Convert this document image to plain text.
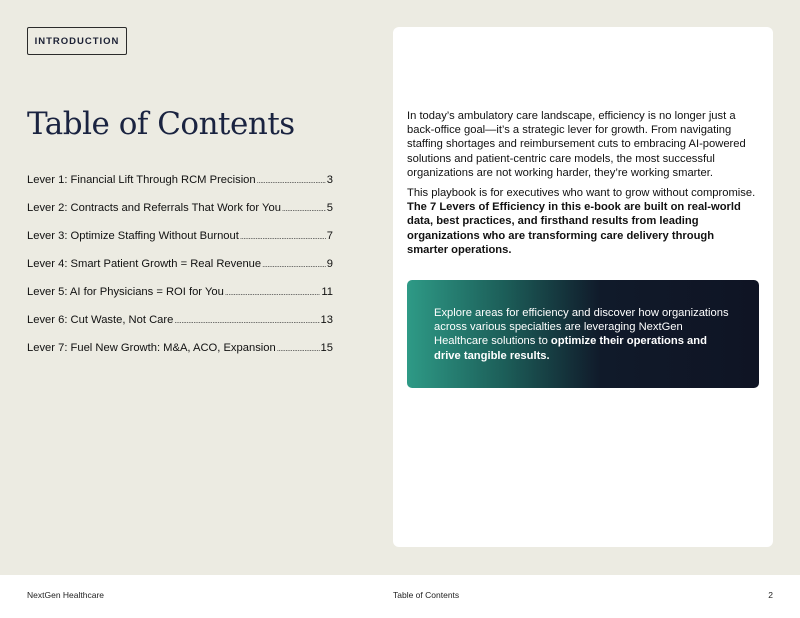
INTRODUCTION
Table of Contents
Lever 1: Financial Lift Through RCM Precision .....	3
Lever 2: Contracts and Referrals That Work for You .....	5
Lever 3: Optimize Staffing Without Burnout .....	7
Lever 4: Smart Patient Growth = Real Revenue .....	9
Lever 5: AI for Physicians = ROI for You .....	11
Lever 6: Cut Waste, Not Care .....	13
Lever 7: Fuel New Growth: M&A, ACO, Expansion .....	15

In today’s ambulatory care landscape, efficiency is no longer just a back-office goal—it’s a strategic lever for growth. From navigating staffing shortages and reimbursement cuts to embracing AI-powered solutions and patient-centric care models, the most successful organizations are not working harder, they’re working smarter.

This playbook is for executives who want to grow without compromise. The 7 Levers of Efficiency in this e-book are built on real-world data, best practices, and firsthand results from leading organizations who are transforming care delivery through smarter operations.

Explore areas for efficiency and discover how organizations across various specialties are leveraging NextGen Healthcare solutions to optimize their operations and drive tangible results.
NextGen Healthcare	Table of Contents	2
